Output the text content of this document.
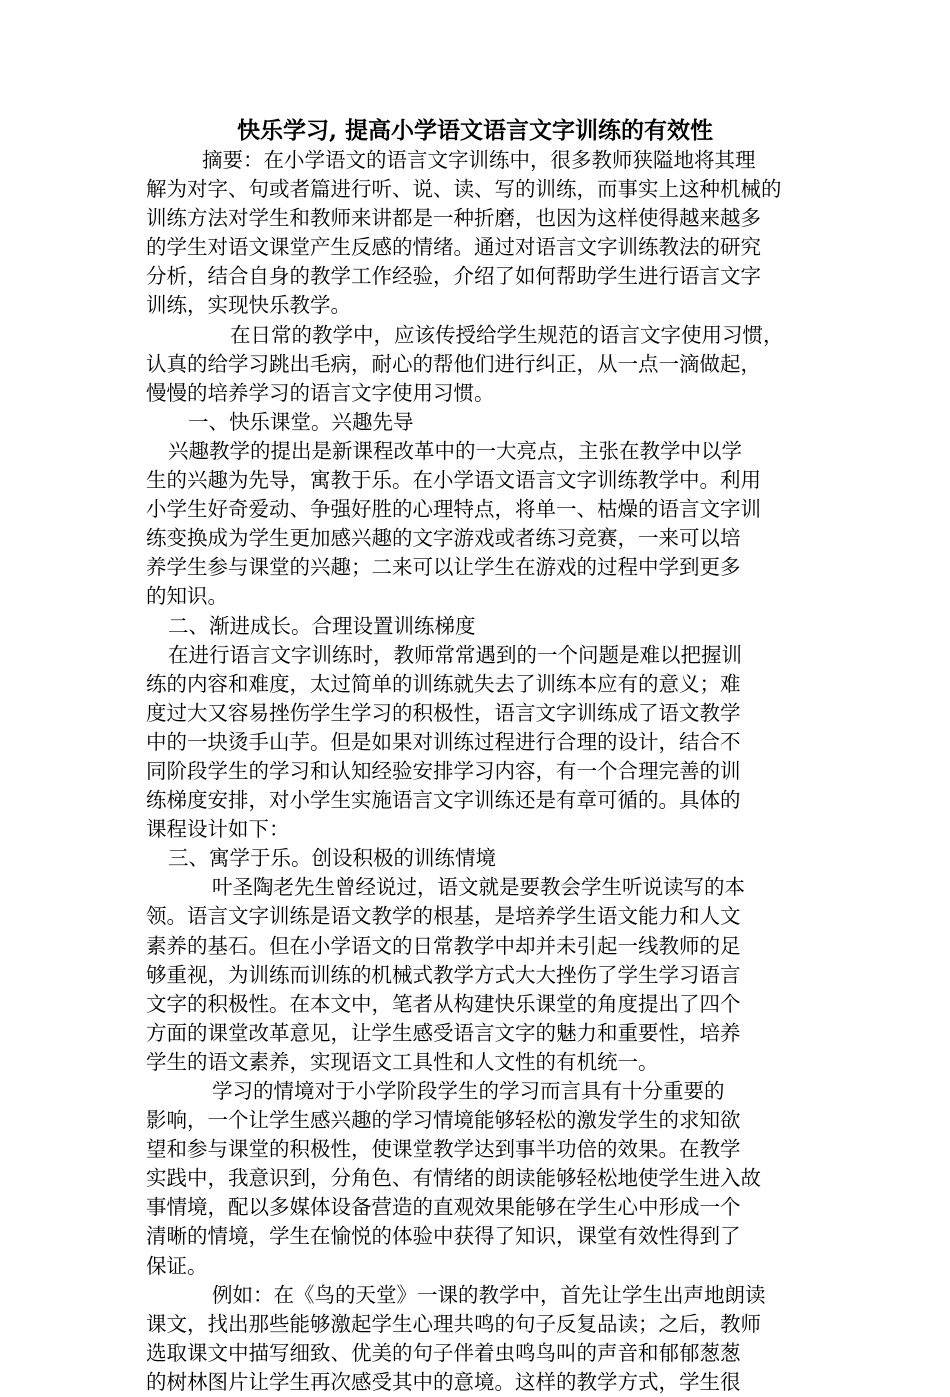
快乐学习, 提高小学语文语言文字训练的有效性
摘要：在小学语文的语言文字训练中，很多教师狭隘地将其理
解为对字、句或者篇进行听、说、读、写的训练，而事实上这种机械的
训练方法对学生和教师来讲都是一种折磨，也因为这样使得越来越多
的学生对语文课堂产生反感的情绪。通过对语言文字训练教法的研究
分析，结合自身的教学工作经验，介绍了如何帮助学生进行语言文字
训练，实现快乐教学。
在日常的教学中，应该传授给学生规范的语言文字使用习惯，
认真的给学习跳出毛病，耐心的帮他们进行纠正，从一点一滴做起，
慢慢的培养学习的语言文字使用习惯。
一、快乐课堂。兴趣先导
兴趣教学的提出是新课程改革中的一大亮点，主张在教学中以学
生的兴趣为先导，寓教于乐。在小学语文语言文字训练教学中。利用
小学生好奇爱动、争强好胜的心理特点，将单一、枯燥的语言文字训
练变换成为学生更加感兴趣的文字游戏或者练习竞赛，一来可以培
养学生参与课堂的兴趣；二来可以让学生在游戏的过程中学到更多
的知识。
二、渐进成长。合理设置训练梯度
在进行语言文字训练时，教师常常遇到的一个问题是难以把握训
练的内容和难度，太过简单的训练就失去了训练本应有的意义；难
度过大又容易挫伤学生学习的积极性，语言文字训练成了语文教学
中的一块烫手山芋。但是如果对训练过程进行合理的设计，结合不
同阶段学生的学习和认知经验安排学习内容，有一个合理完善的训
练梯度安排，对小学生实施语言文字训练还是有章可循的。具体的
课程设计如下：
三、寓学于乐。创设积极的训练情境
叶圣陶老先生曾经说过，语文就是要教会学生听说读写的本
领。语言文字训练是语文教学的根基，是培养学生语文能力和人文
素养的基石。但在小学语文的日常教学中却并未引起一线教师的足
够重视，为训练而训练的机械式教学方式大大挫伤了学生学习语言
文字的积极性。在本文中，笔者从构建快乐课堂的角度提出了四个
方面的课堂改革意见，让学生感受语言文字的魅力和重要性，培养
学生的语文素养，实现语文工具性和人文性的有机统一。
学习的情境对于小学阶段学生的学习而言具有十分重要的
影响，一个让学生感兴趣的学习情境能够轻松的激发学生的求知欲
望和参与课堂的积极性，使课堂教学达到事半功倍的效果。在教学
实践中，我意识到，分角色、有情绪的朗读能够轻松地使学生进入故
事情境，配以多媒体设备营造的直观效果能够在学生心中形成一个
清晰的情境，学生在愉悦的体验中获得了知识，课堂有效性得到了
保证。
例如：在《鸟的天堂》一课的教学中，首先让学生出声地朗读
课文，找出那些能够激起学生心理共鸣的句子反复品读；之后，教师
选取课文中描写细致、优美的句子伴着虫鸣鸟叫的声音和郁郁葱葱
的树林图片让学生再次感受其中的意境。这样的教学方式，学生很
